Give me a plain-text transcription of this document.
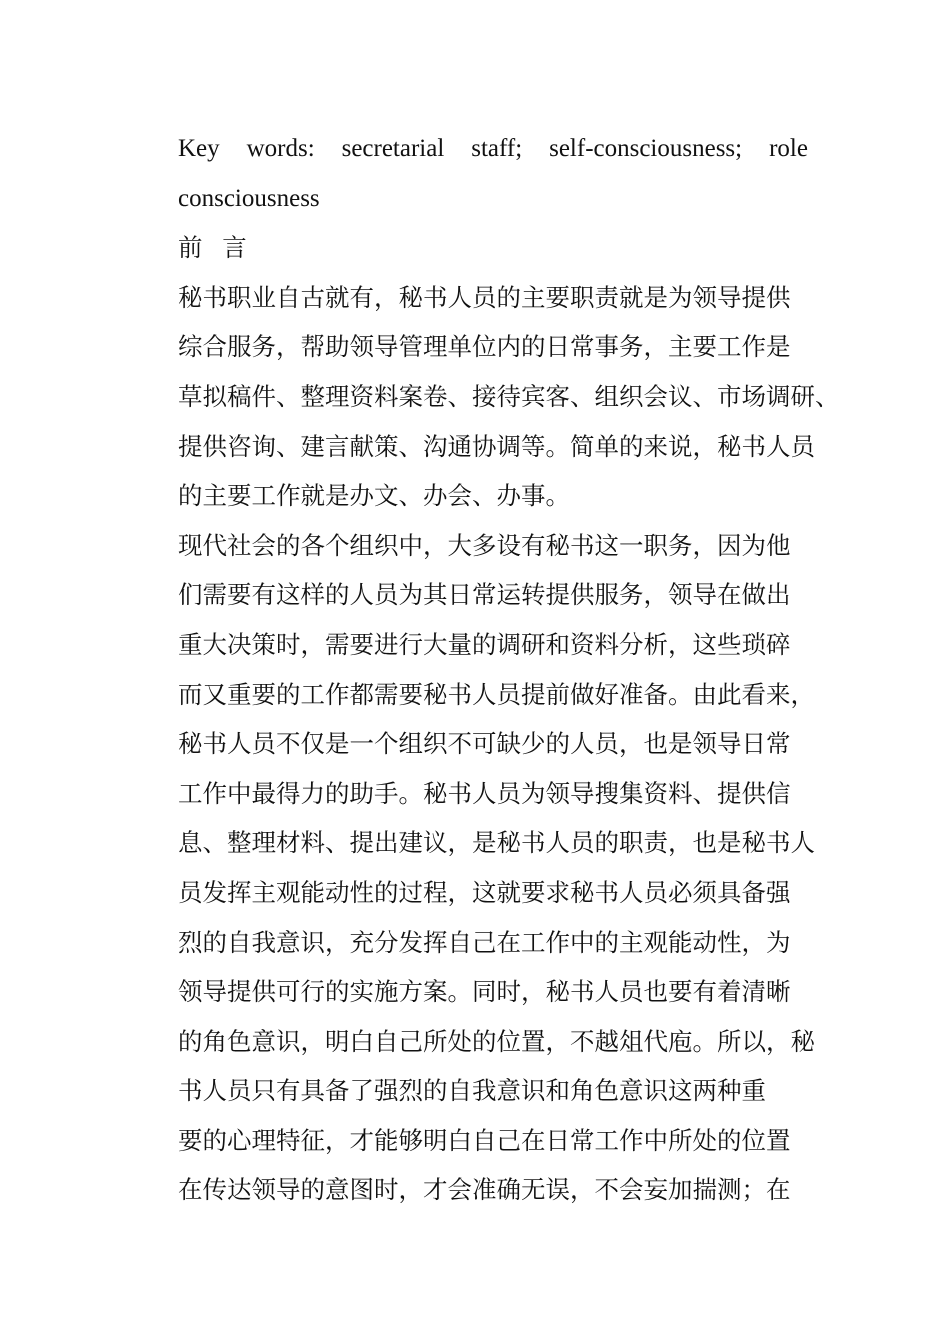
Key words: secretarial staff; self-consciousness; role
consciousness
前 言
秘书职业自古就有，秘书人员的主要职责就是为领导提供
综合服务，帮助领导管理单位内的日常事务，主要工作是
草拟稿件、整理资料案卷、接待宾客、组织会议、市场调研、
提供咨询、建言献策、沟通协调等。简单的来说，秘书人员
的主要工作就是办文、办会、办事。
现代社会的各个组织中，大多设有秘书这一职务，因为他
们需要有这样的人员为其日常运转提供服务，领导在做出
重大决策时，需要进行大量的调研和资料分析，这些琐碎
而又重要的工作都需要秘书人员提前做好准备。由此看来，
秘书人员不仅是一个组织不可缺少的人员，也是领导日常
工作中最得力的助手。秘书人员为领导搜集资料、提供信
息、整理材料、提出建议，是秘书人员的职责，也是秘书人
员发挥主观能动性的过程，这就要求秘书人员必须具备强
烈的自我意识，充分发挥自己在工作中的主观能动性，为
领导提供可行的实施方案。同时，秘书人员也要有着清晰
的角色意识，明白自己所处的位置，不越俎代庖。所以，秘
书人员只有具备了强烈的自我意识和角色意识这两种重
要的心理特征，才能够明白自己在日常工作中所处的位置
在传达领导的意图时，才会准确无误，不会妄加揣测；在
